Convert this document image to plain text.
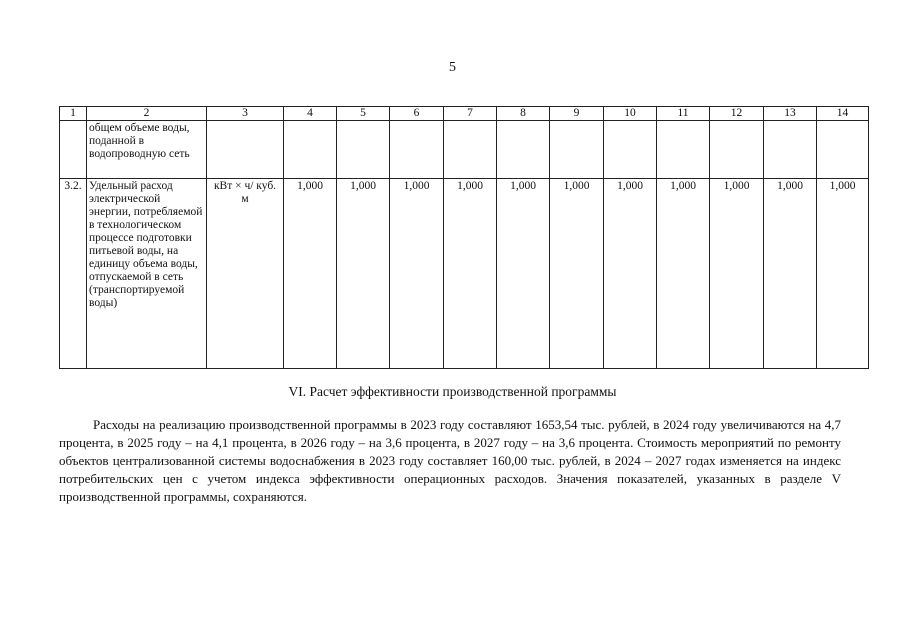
5
1	2	3	4	5	6	7	8	9	10	11	12	13	14
	общем объеме воды, поданной в водопроводную сеть												
3.2.	Удельный расход электрической энергии, потребляемой в технологическом процессе подготовки питьевой воды, на единицу объема воды, отпускаемой в сеть (транспортируемой воды)	кВт × ч/ куб. м	1,000	1,000	1,000	1,000	1,000	1,000	1,000	1,000	1,000	1,000	1,000
VI. Расчет эффективности производственной программы

Расходы на реализацию производственной программы в 2023 году составляют 1653,54 тыс. рублей, в 2024 году увеличиваются на 4,7 процента, в 2025 году – на 4,1 процента, в 2026 году – на 3,6 процента, в 2027 году – на 3,6 процента. Стоимость мероприятий по ремонту объектов централизованной системы водоснабжения в 2023 году составляет 160,00 тыс. рублей, в 2024 – 2027 годах изменяется на индекс потребительских цен с учетом индекса эффективности операционных расходов. Значения показателей, указанных в разделе V производственной программы, сохраняются.
